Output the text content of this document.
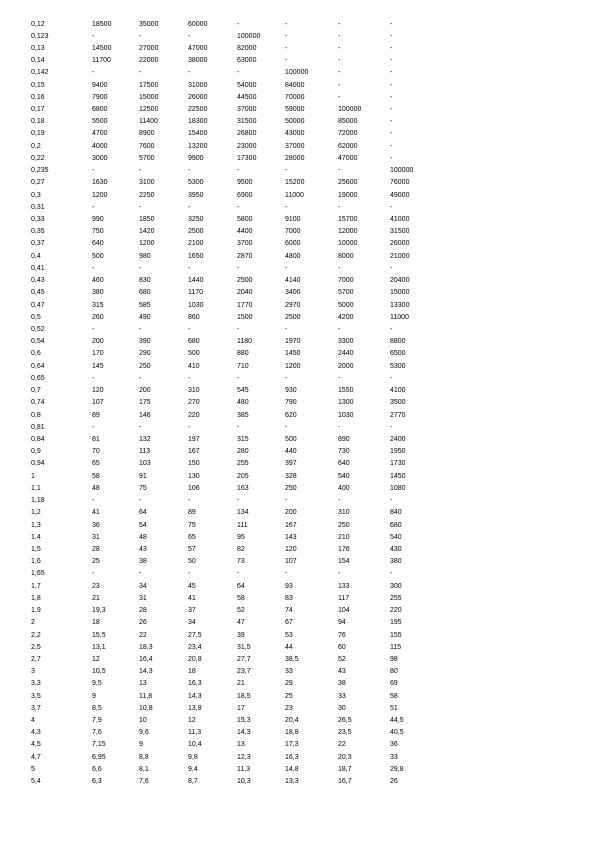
0,12	18500	35000	60000	-	-	-	-
0,123	-	-	-	100000	-	-	-
0,13	14500	27000	47000	82000	-	-	-
0,14	11700	22000	38000	63000	-	-	-
0,142	-	-	-	-	100000	-	-
0,15	9400	17500	31000	54000	84000	-	-
0,16	7900	15000	26000	44500	70000	-	-
0,17	6800	12500	22500	37000	59000	100000	-
0,18	5500	11400	18300	31500	50000	85000	-
0,19	4700	8900	15400	26800	43000	72000	-
0,2	4000	7600	13200	23000	37000	62000	-
0,22	3000	5700	9900	17300	28000	47000	-
0,235	-	-	-	-	-	-	100000
0,27	1630	3100	5300	9500	15200	25600	76000
0,3	1200	2250	3950	6900	11000	19000	49000
0,31	-	-	-	-	-	-	-
0,33	990	1850	3250	5800	9100	15700	41000
0,35	750	1420	2500	4400	7000	12000	31500
0,37	640	1200	2100	3700	6000	10000	26000
0,4	500	980	1650	2870	4800	8000	21000
0,41	-	-	-	-	-	-	-
0,43	460	830	1440	2500	4140	7000	20400
0,45	380	680	1170	2040	3400	5700	15000
0,47	315	585	1030	1770	2970	5000	13300
0,5	260	490	860	1500	2500	4200	11000
0,52	-	-	-	-	-	-	-
0,54	200	390	680	1180	1970	3300	8800
0,6	170	290	500	880	1450	2440	6500
0,64	145	250	410	710	1200	2000	5300
0,65	-	-	-	-	-	-	-
0,7	120	200	310	545	930	1550	4100
0,74	107	175	270	480	790	1300	3500
0,8	89	146	220	385	620	1030	2770
0,81	-	-	-	-	-	-	-
0,84	81	132	197	315	500	890	2400
0,9	70	113	167	280	440	730	1950
0,94	65	103	150	255	397	640	1730
1	58	91	130	205	328	540	1450
1,1	48	75	106	163	250	400	1080
1,18	-	-	-	-	-	-	-
1,2	41	64	89	134	200	310	840
1,3	36	54	75	111	167	250	680
1,4	31	48	65	95	143	210	540
1,5	28	43	57	82	120	176	430
1,6	25	38	50	73	107	154	380
1,65	-	-	-	-	-	-	-
1,7	23	34	45	64	93	133	300
1,8	21	31	41	58	83	117	255
1,9	19,3	28	37	52	74	104	220
2	18	26	34	47	67	94	195
2,2	15,5	22	27,5	39	53	76	155
2,5	13,1	18,3	23,4	31,5	44	60	115
2,7	12	16,4	20,8	27,7	38,5	52	98
3	10,5	14,3	18	23,7	33	43	80
3,3	9,5	13	16,3	21	29	38	69
3,5	9	11,8	14,3	18,5	25	33	58
3,7	8,5	10,8	13,8	17	23	30	51
4	7,9	10	12	15,3	20,4	26,5	44,5
4,3	7,6	9,6	11,3	14,3	18,8	23,5	40,5
4,5	7,15	9	10,4	13	17,3	22	36
4,7	6,95	8,8	9,8	12,3	16,3	20,3	33
5	6,6	8,1	9,4	11,3	14,8	18,7	29,8
5,4	6,3	7,6	8,7	10,3	13,3	16,7	26
